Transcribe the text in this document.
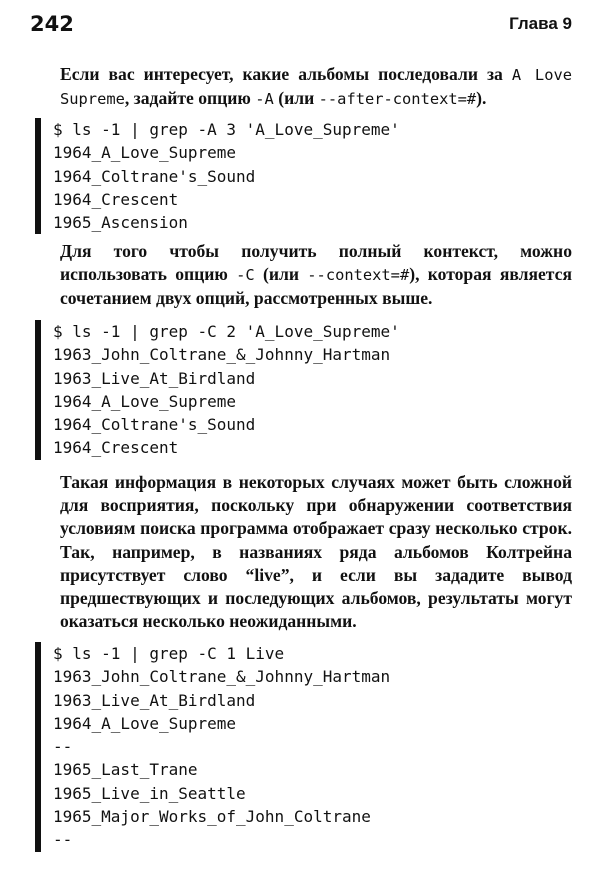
242	Глава 9

Если вас интересует, какие альбомы последовали за A Love Supreme, задайте опцию -A (или --after-context=#).

$ ls -1 | grep -A 3 'A_Love_Supreme'
1964_A_Love_Supreme
1964_Coltrane's_Sound
1964_Crescent
1965_Ascension

Для того чтобы получить полный контекст, можно использовать опцию -C (или --context=#), которая является сочетанием двух опций, рассмотренных выше.

$ ls -1 | grep -C 2 'A_Love_Supreme'
1963_John_Coltrane_&_Johnny_Hartman
1963_Live_At_Birdland
1964_A_Love_Supreme
1964_Coltrane's_Sound
1964_Crescent

Такая информация в некоторых случаях может быть сложной для восприятия, поскольку при обнаружении соответствия условиям поиска программа отображает сразу несколько строк. Так, например, в названиях ряда альбомов Колтрейна присутствует слово “live”, и если вы зададите вывод предшествующих и последующих альбомов, результаты могут оказаться несколько неожиданными.

$ ls -1 | grep -C 1 Live
1963_John_Coltrane_&_Johnny_Hartman
1963_Live_At_Birdland
1964_A_Love_Supreme
--
1965_Last_Trane
1965_Live_in_Seattle
1965_Major_Works_of_John_Coltrane
--
